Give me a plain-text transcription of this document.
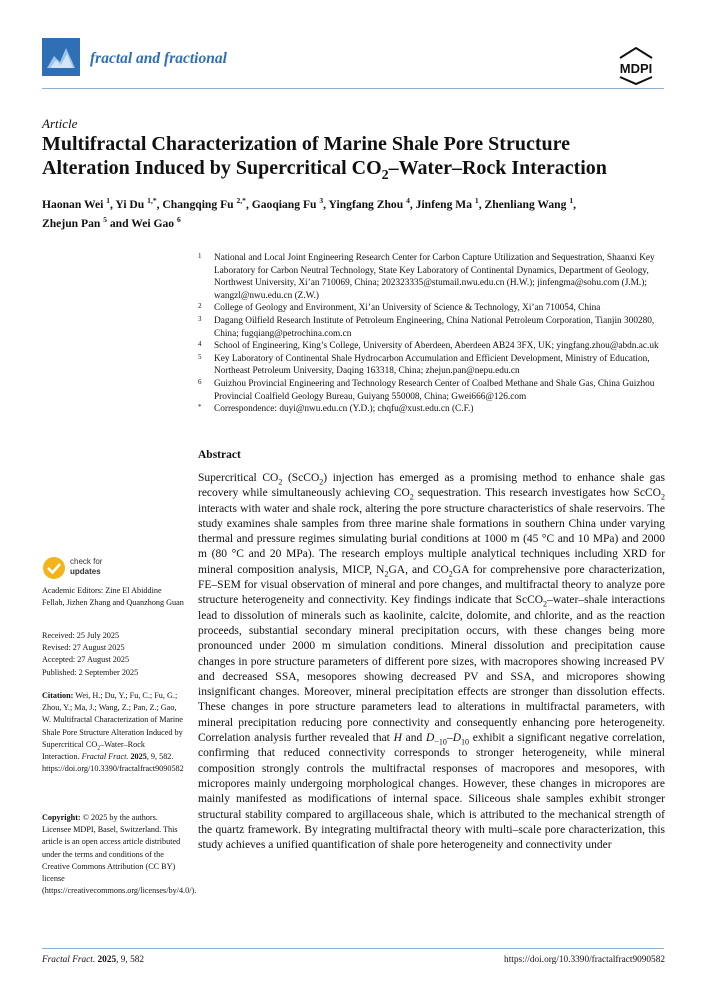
fractal and fractional
MDPI
Article
Multifractal Characterization of Marine Shale Pore Structure
Alteration Induced by Supercritical $CO_2-Water$–Rock Interaction
Haonan Wei $^1$, Yi Du $^{1,*}$, Changqing Fu $^{2,*}$, Gaoqiang Fu $^3$, Yingfang Zhou $^4$, Jinfeng Ma $^1$, Zhenliang Wang $^1$,
Zhejun Pan $^5$ and Wei Gao $^6$
1 National and Local Joint Engineering Research Center for Carbon Capture Utilization and Sequestration, Shaanxi Key Laboratory for Carbon Neutral Technology, State Key Laboratory of Continental Dynamics, Department of Geology, Northwest University, Xi’an 710069, China; 202323335@stumail.nwu.edu.cn (H.W.); jinfengma@sohu.com (J.M.); wangzl@nwu.edu.cn (Z.W.)
2 College of Geology and Environment, Xi’an University of Science & Technology, Xi’an 710054, China
3 Dagang Oilfield Research Institute of Petroleum Engineering, China National Petroleum Corporation, Tianjin 300280, China; fugqiang@petrochina.com.cn
4 School of Engineering, King’s College, University of Aberdeen, Aberdeen AB24 3FX, UK; yingfang.zhou@abdn.ac.uk
5 Key Laboratory of Continental Shale Hydrocarbon Accumulation and Efficient Development, Ministry of Education, Northeast Petroleum University, Daqing 163318, China; zhejun.pan@nepu.edu.cn
6 Guizhou Provincial Engineering and Technology Research Center of Coalbed Methane and Shale Gas, China Guizhou Provincial Coalfield Geology Bureau, Guiyang 550008, China; Gwei666@126.com
* Correspondence: duyi@nwu.edu.cn (Y.D.); chqfu@xust.edu.cn (C.F.)
Abstract
Supercritical $CO_2$ (ScCO$_2$) injection has emerged as a promising method to enhance shale gas recovery while simultaneously achieving $CO_2$ sequestration. This research investigates how ScCO$_2$ interacts with water and shale rock, altering the pore structure characteristics of shale reservoirs. The study examines shale samples from three marine shale formations in southern China under varying thermal and pressure regimes simulating burial conditions at 1000 m (45 °C and 10 MPa) and 2000 m (80 °C and 20 MPa). The research employs multiple analytical techniques including XRD for mineral composition analysis, MICP, $N_2GA$, and $CO_2GA$ for comprehensive pore characterization, FE–SEM for visual observation of mineral and pore changes, and multifractal theory to analyze pore structure heterogeneity and connectivity. Key findings indicate that ScCO$_2$–water–shale interactions lead to dissolution of minerals such as kaolinite, calcite, dolomite, and chlorite, and as the reaction proceeds, substantial secondary mineral precipitation occurs, with these changes being more pronounced under 2000 m simulation conditions. Mineral dissolution and precipitation cause changes in pore structure parameters of different pore sizes, with macropores showing increased PV and decreased SSA, mesopores showing decreased PV and SSA, and micropores showing insignificant changes. Moreover, mineral precipitation effects are stronger than dissolution effects. These changes in pore structure parameters lead to alterations in multifractal parameters, with mineral precipitation reducing pore connectivity and consequently enhancing pore heterogeneity. Correlation analysis further revealed that H and $D_{-10}-D_{10}$ exhibit a significant negative correlation, confirming that reduced connectivity corresponds to stronger heterogeneity, while mineral composition strongly controls the multifractal responses of macropores and mesopores, with micropores mainly undergoing morphological changes. However, these changes in micropores are mainly manifested as modifications of internal space. Siliceous shale samples exhibit stronger structural stability compared to argillaceous shale, which is attributed to the mechanical strength of the quartz framework. By integrating multifractal theory with multi–scale pore characterization, this study achieves a unified quantification of shale pore heterogeneity and connectivity under
check for
updates
Academic Editors: Zine El Abiddine Fellah, Jizhen Zhang and Quanzhong Guan
Received: 25 July 2025
Revised: 27 August 2025
Accepted: 27 August 2025
Published: 2 September 2025
Citation: Wei, H.; Du, Y.; Fu, C.; Fu, G.; Zhou, Y.; Ma, J.; Wang, Z.; Pan, Z.; Gao, W. Multifractal Characterization of Marine Shale Pore Structure Alteration Induced by Supercritical $CO_2-Water$–Rock Interaction. Fractal Fract. 2025, 9, 582. https://doi.org/10.3390/fractalfract9090582
Copyright: © 2025 by the authors. Licensee MDPI, Basel, Switzerland. This article is an open access article distributed under the terms and conditions of the Creative Commons Attribution (CC BY) license (https://creativecommons.org/licenses/by/4.0/).
Fractal Fract. 2025, 9, 582	https://doi.org/10.3390/fractalfract9090582
